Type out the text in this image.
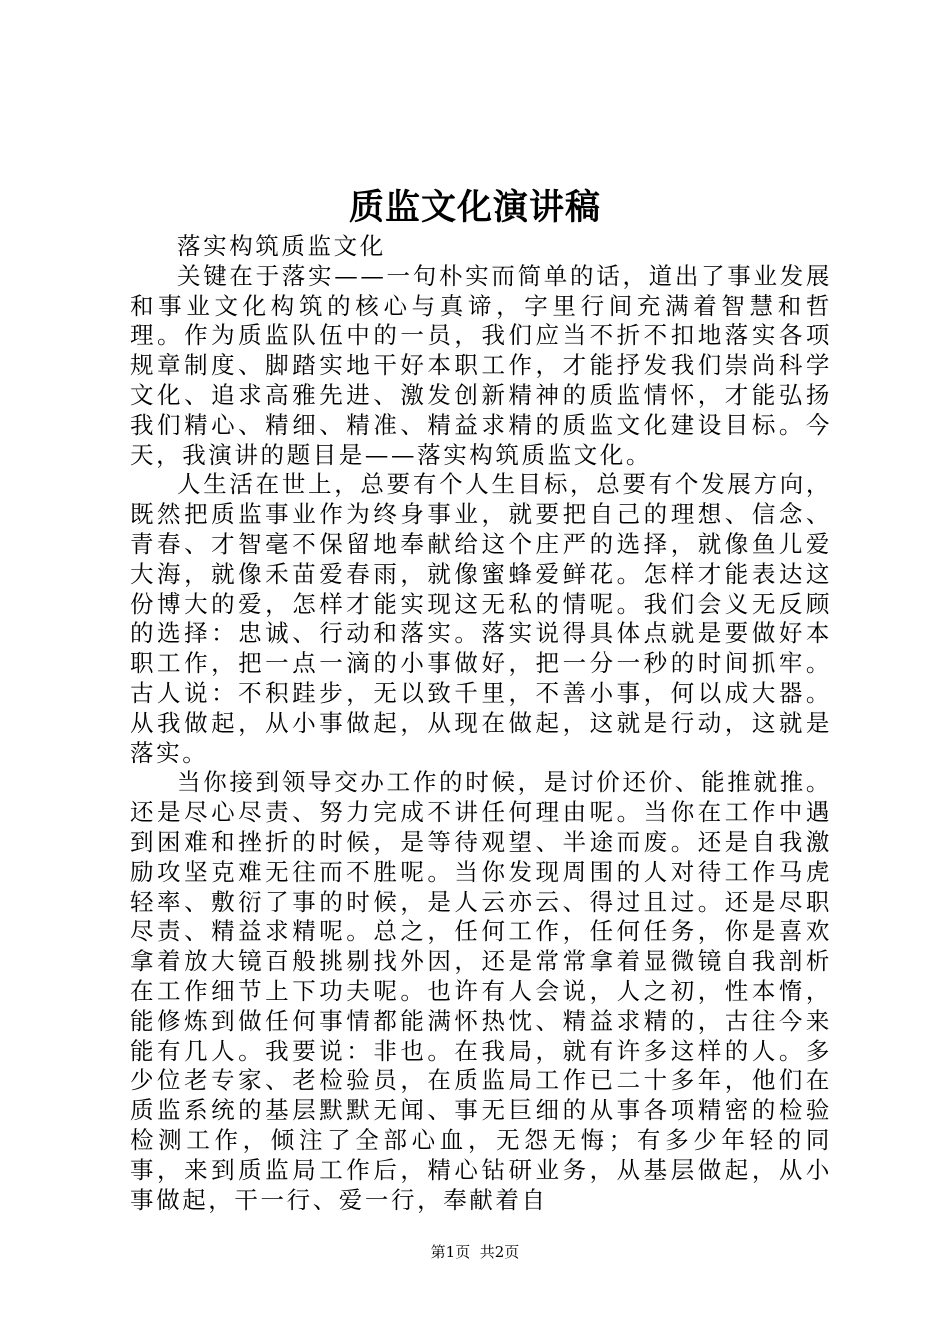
质监文化演讲稿

落实构筑质监文化

关键在于落实——一句朴实而简单的话，道出了事业发展和事业文化构筑的核心与真谛，字里行间充满着智慧和哲理。作为质监队伍中的一员，我们应当不折不扣地落实各项规章制度、脚踏实地干好本职工作，才能抒发我们崇尚科学文化、追求高雅先进、激发创新精神的质监情怀，才能弘扬我们精心、精细、精准、精益求精的质监文化建设目标。今天，我演讲的题目是——落实构筑质监文化。

人生活在世上，总要有个人生目标，总要有个发展方向，既然把质监事业作为终身事业，就要把自己的理想、信念、青春、才智毫不保留地奉献给这个庄严的选择，就像鱼儿爱大海，就像禾苗爱春雨，就像蜜蜂爱鲜花。怎样才能表达这份博大的爱，怎样才能实现这无私的情呢。我们会义无反顾的选择：忠诚、行动和落实。落实说得具体点就是要做好本职工作，把一点一滴的小事做好，把一分一秒的时间抓牢。古人说：不积跬步，无以致千里，不善小事，何以成大器。从我做起，从小事做起，从现在做起，这就是行动，这就是落实。

当你接到领导交办工作的时候，是讨价还价、能推就推。还是尽心尽责、努力完成不讲任何理由呢。当你在工作中遇到困难和挫折的时候，是等待观望、半途而废。还是自我激励攻坚克难无往而不胜呢。当你发现周围的人对待工作马虎轻率、敷衍了事的时候，是人云亦云、得过且过。还是尽职尽责、精益求精呢。总之，任何工作，任何任务，你是喜欢拿着放大镜百般挑剔找外因，还是常常拿着显微镜自我剖析在工作细节上下功夫呢。也许有人会说，人之初，性本惰，能修炼到做任何事情都能满怀热忱、精益求精的，古往今来能有几人。我要说：非也。在我局，就有许多这样的人。多少位老专家、老检验员，在质监局工作已二十多年，他们在质监系统的基层默默无闻、事无巨细的从事各项精密的检验检测工作，倾注了全部心血，无怨无悔；有多少年轻的同事，来到质监局工作后，精心钻研业务，从基层做起，从小事做起，干一行、爱一行，奉献着自

第1页 共2页
